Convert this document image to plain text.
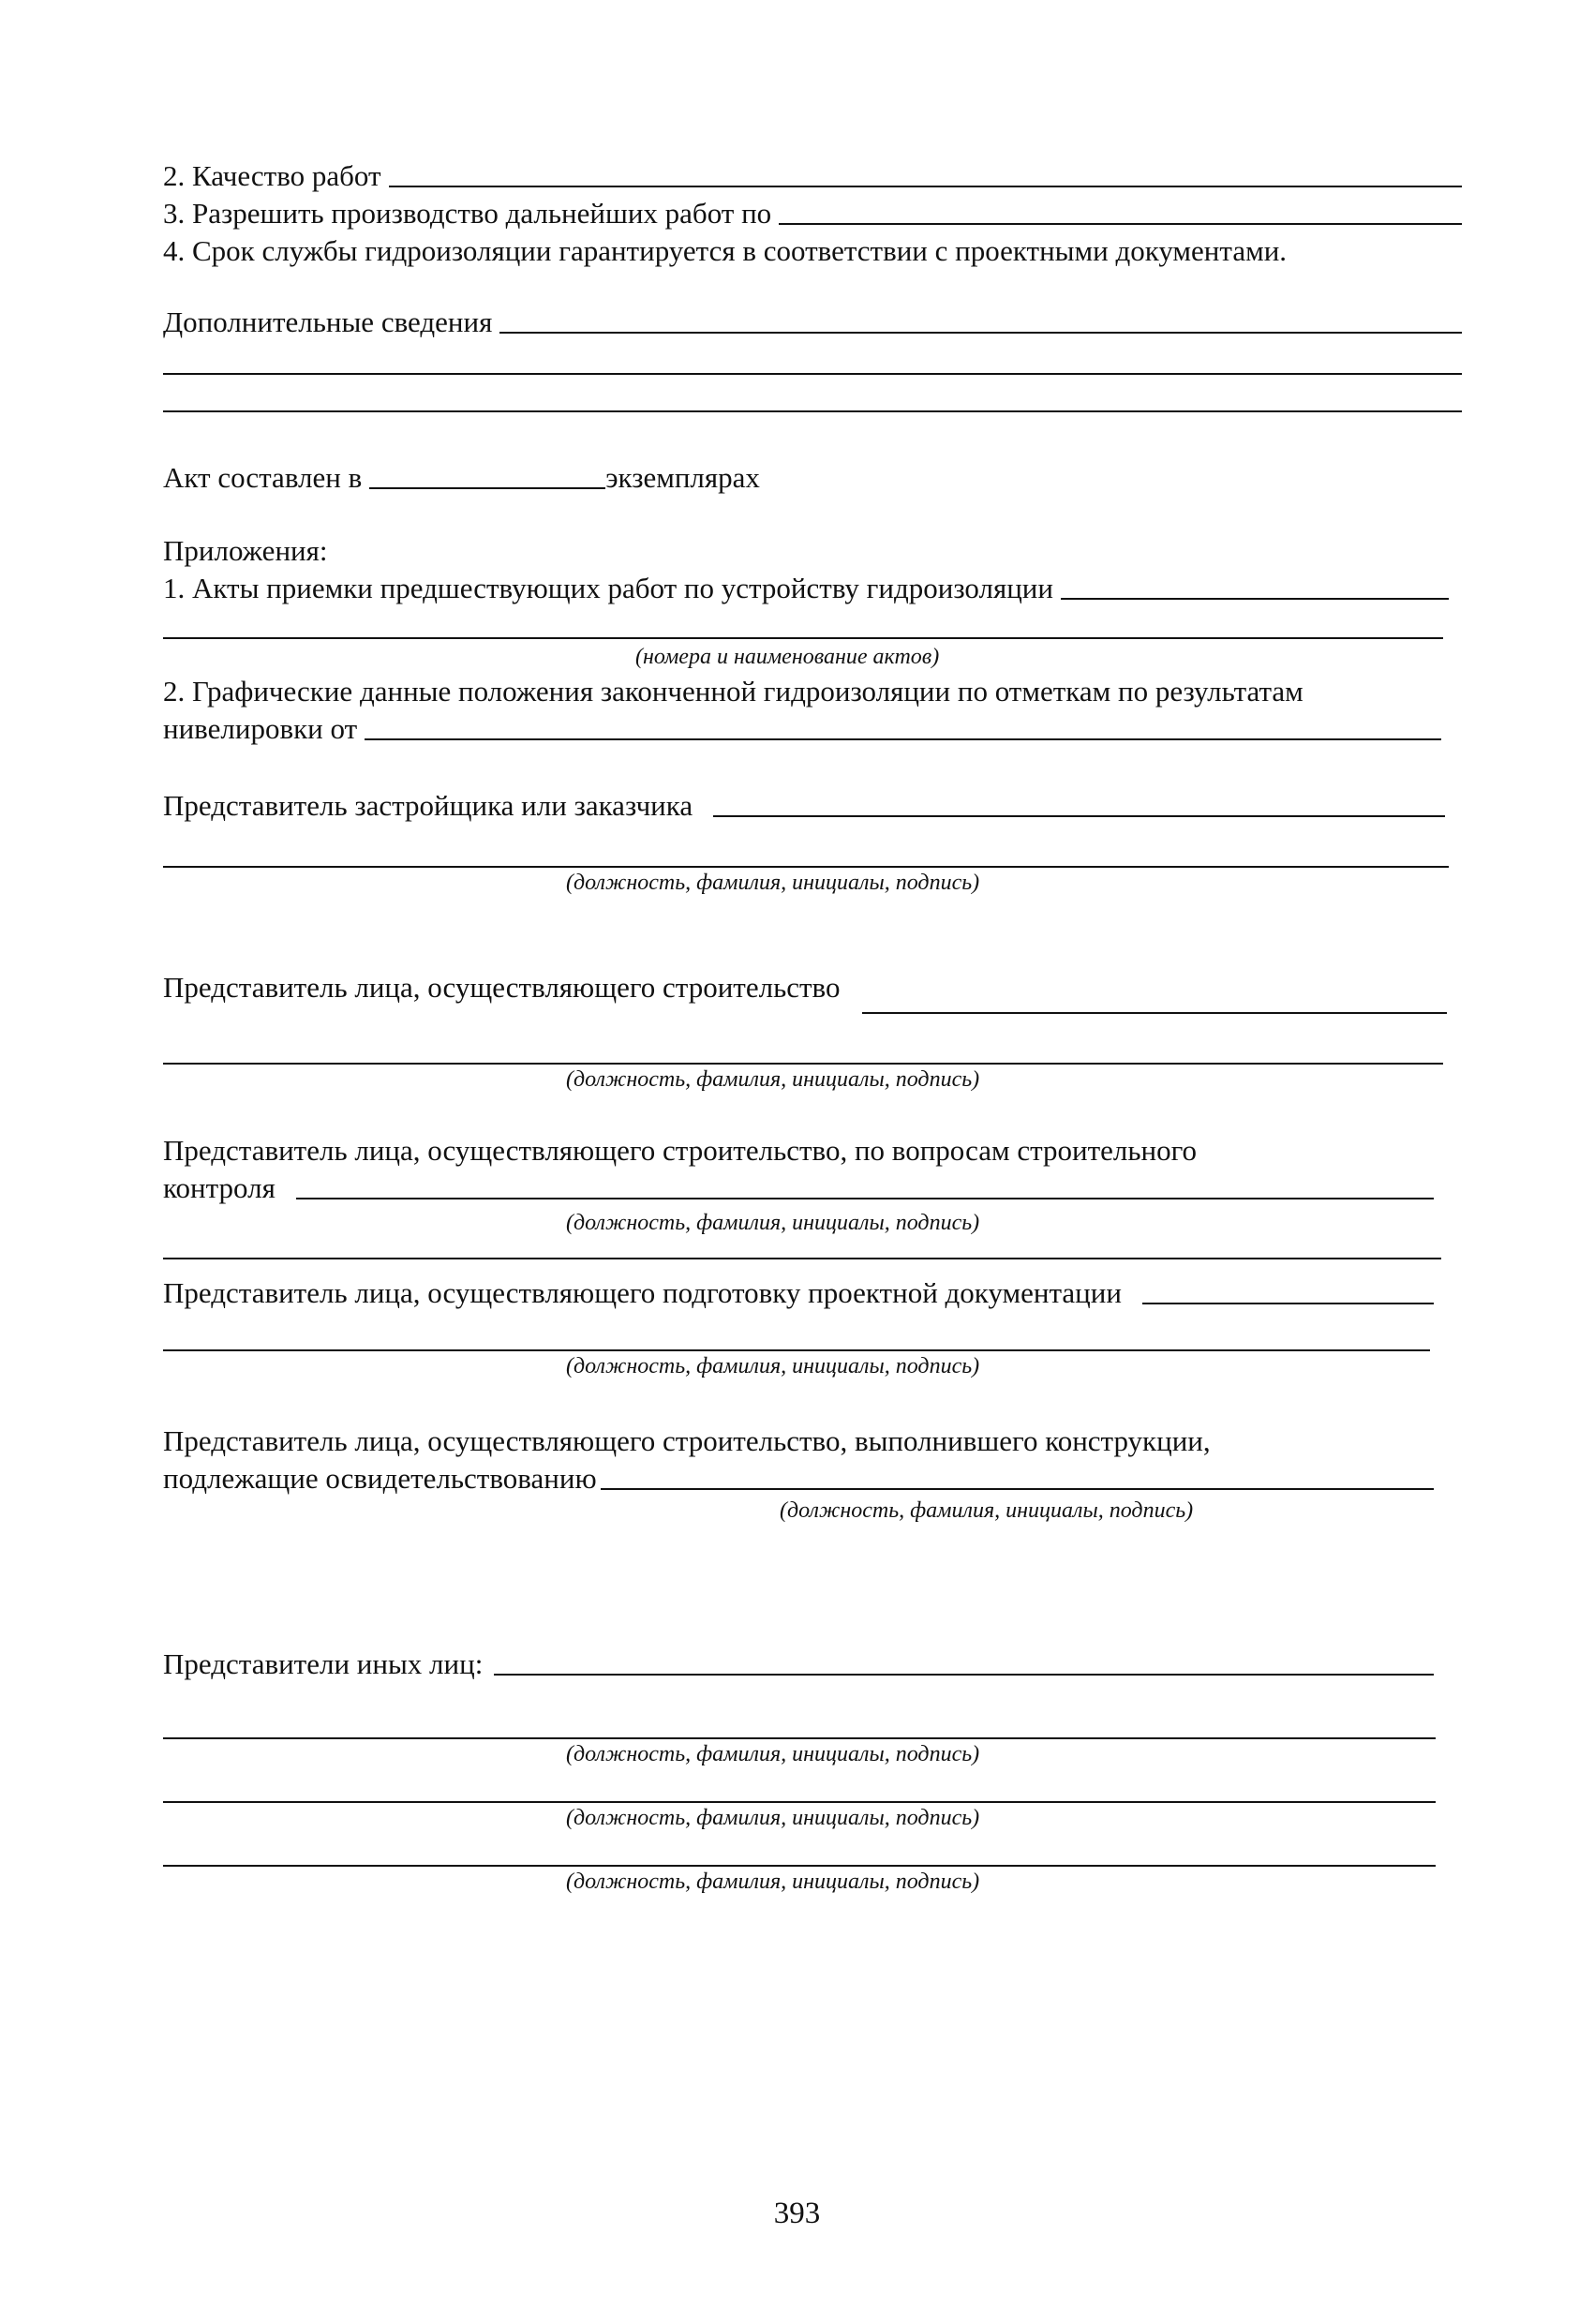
2. Качество работ
3. Разрешить производство дальнейших работ по
4. Срок службы гидроизоляции гарантируется в соответствии с проектными документами.
Дополнительные сведения
Акт составлен в	экземплярах
Приложения:
1. Акты приемки предшествующих работ по устройству гидроизоляции
(номера и наименование актов)
2. Графические данные положения законченной гидроизоляции по отметкам по результатам
нивелировки от
Представитель застройщика или заказчика
(должность, фамилия, инициалы, подпись)
Представитель лица, осуществляющего строительство
(должность, фамилия, инициалы, подпись)
Представитель лица, осуществляющего строительство, по вопросам строительного
контроля
(должность, фамилия, инициалы, подпись)
Представитель лица, осуществляющего подготовку проектной документации
(должность, фамилия, инициалы, подпись)
Представитель лица, осуществляющего строительство, выполнившего конструкции,
подлежащие освидетельствованию
(должность, фамилия, инициалы, подпись)
Представители иных лиц:
(должность, фамилия, инициалы, подпись)
(должность, фамилия, инициалы, подпись)
(должность, фамилия, инициалы, подпись)
393
